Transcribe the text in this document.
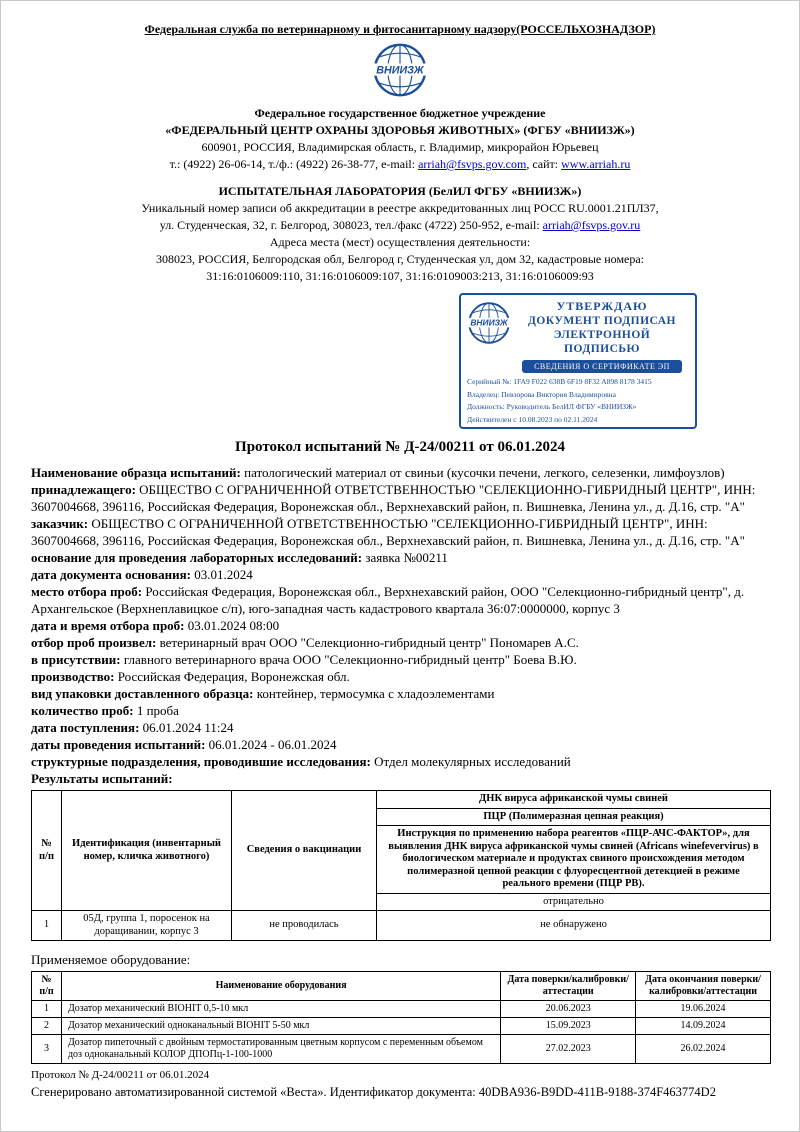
Федеральная служба по ветеринарному и фитосанитарному надзору(РОССЕЛЬХОЗНАДЗОР)
ВНИИЗЖ
Федеральное государственное бюджетное учреждение
«ФЕДЕРАЛЬНЫЙ ЦЕНТР ОХРАНЫ ЗДОРОВЬЯ ЖИВОТНЫХ» (ФГБУ «ВНИИЗЖ»)
600901, РОССИЯ, Владимирская область, г. Владимир, микрорайон Юрьевец
т.: (4922) 26-06-14, т./ф.: (4922) 26-38-77, e-mail: arriah@fsvps.gov.com, сайт: www.arriah.ru
ИСПЫТАТЕЛЬНАЯ ЛАБОРАТОРИЯ (БелИЛ ФГБУ «ВНИИЗЖ»)
Уникальный номер записи об аккредитации в реестре аккредитованных лиц РОСС RU.0001.21ПЛ37,
ул. Студенческая, 32, г. Белгород, 308023, тел./факс (4722) 250-952, e-mail: arriah@fsvps.gov.ru
Адреса места (мест) осуществления деятельности:
308023, РОССИЯ, Белгородская обл, Белгород г, Студенческая ул, дом 32, кадастровые номера:
31:16:0106009:110, 31:16:0106009:107, 31:16:0109003:213, 31:16:0106009:93
ВНИИЗЖ
УТВЕРЖДАЮ
ДОКУМЕНТ ПОДПИСАН
ЭЛЕКТРОННОЙ ПОДПИСЬЮ
СВЕДЕНИЯ О СЕРТИФИКАТЕ ЭП
Серийный №: 1FA9 F022 638B 6F19 8F32 A898 8178 3415
Владелец: Певзорова Виктория Владимировна
Должность: Руководитель БелИЛ ФГБУ «ВНИИЗЖ»
Действителен с 10.08.2023 по 02.11.2024
Протокол испытаний № Д-24/00211 от 06.01.2024

Наименование образца испытаний: патологический материал от свиньи (кусочки печени, легкого, селезенки, лимфоузлов)

принадлежащего: ОБЩЕСТВО С ОГРАНИЧЕННОЙ ОТВЕТСТВЕННОСТЬЮ "СЕЛЕКЦИОННО-ГИБРИДНЫЙ ЦЕНТР", ИНН: 3607004668, 396116, Российская Федерация, Воронежская обл., Верхнехавский район, п. Вишневка, Ленина ул., д. Д.16, стр. "А"

заказчик: ОБЩЕСТВО С ОГРАНИЧЕННОЙ ОТВЕТСТВЕННОСТЬЮ "СЕЛЕКЦИОННО-ГИБРИДНЫЙ ЦЕНТР", ИНН: 3607004668, 396116, Российская Федерация, Воронежская обл., Верхнехавский район, п. Вишневка, Ленина ул., д. Д.16, стр. "А"

основание для проведения лабораторных исследований: заявка №00211

дата документа основания: 03.01.2024

место отбора проб: Российская Федерация, Воронежская обл., Верхнехавский район, ООО "Селекционно-гибридный центр", д. Архангельское (Верхнеплавицкое с/п), юго-западная часть кадастрового квартала 36:07:0000000, корпус 3

дата и время отбора проб: 03.01.2024 08:00

отбор проб произвел: ветеринарный врач ООО "Селекционно-гибридный центр" Пономарев А.С.

в присутствии: главного ветеринарного врача ООО "Селекционно-гибридный центр" Боева В.Ю.

производство: Российская Федерация, Воронежская обл.

вид упаковки доставленного образца: контейнер, термосумка с хладоэлементами

количество проб: 1 проба

дата поступления: 06.01.2024 11:24

даты проведения испытаний: 06.01.2024 - 06.01.2024

структурные подразделения, проводившие исследования: Отдел молекулярных исследований

Результаты испытаний:

№ п/п	Идентификация (инвентарный номер, кличка животного)	Сведения о вакцинации	ДНК вируса африканской чумы свиней
			ПЦР (Полимеразная цепная реакция)
			Инструкция по применению набора реагентов «ПЦР-АЧС-ФАКТОР», для выявления ДНК вируса африканской чумы свиней (Africans winefevervirus) в биологическом материале и продуктах свиного происхождения методом полимеразной цепной реакции с флуоресцентной детекцией в режиме реального времени (ПЦР РВ).
			отрицательно
1	05Д, группа 1, поросенок на доращивании, корпус 3	не проводилась	не обнаружено
Применяемое оборудование:
№ п/п	Наименование оборудования	Дата поверки/калибровки/аттестации	Дата окончания поверки/калибровки/аттестации
1	Дозатор механический BIOHIT 0,5-10 мкл	20.06.2023	19.06.2024
2	Дозатор механический одноканальный BIOHIT 5-50 мкл	15.09.2023	14.09.2024
3	Дозатор пипеточный с двойным термостатированным цветным корпусом с переменным объемом доз одноканальный КОЛОР ДПОПц-1-100-1000	27.02.2023	26.02.2024
Протокол № Д-24/00211 от 06.01.2024
Сгенерировано автоматизированной системой «Веста». Идентификатор документа: 40DBA936-B9DD-411B-9188-374F463774D2
